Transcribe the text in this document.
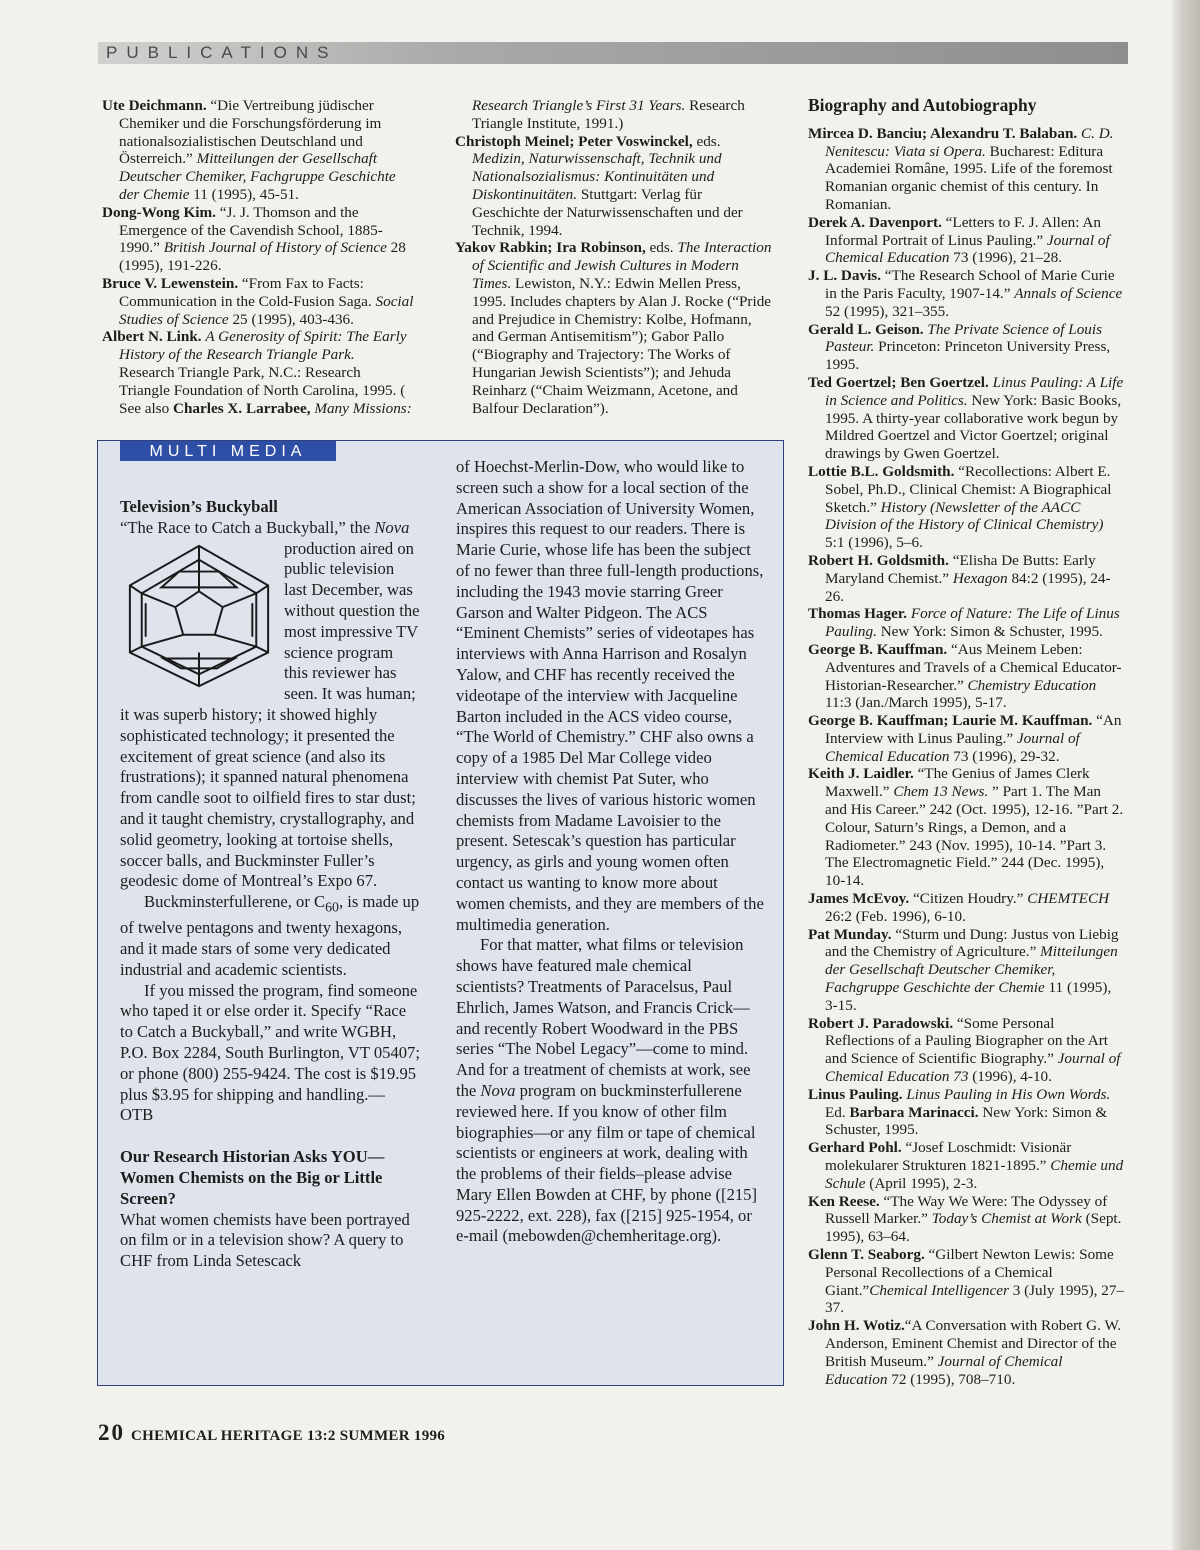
PUBLICATIONS

Ute Deichmann. “Die Vertreibung jüdischer Chemiker und die Forschungsförderung im nationalsozialistischen Deutschland und Österreich.” Mitteilungen der Gesellschaft Deutscher Chemiker, Fachgruppe Geschichte der Chemie 11 (1995), 45-51.

Dong-Wong Kim. “J. J. Thomson and the Emergence of the Cavendish School, 1885-1990.” British Journal of History of Science 28 (1995), 191-226.

Bruce V. Lewenstein. “From Fax to Facts: Communication in the Cold-Fusion Saga. Social Studies of Science 25 (1995), 403-436.

Albert N. Link. A Generosity of Spirit: The Early History of the Research Triangle Park. Research Triangle Park, N.C.: Research Triangle Foundation of North Carolina, 1995. ( See also Charles X. Larrabee, Many Missions:

Research Triangle’s First 31 Years. Research Triangle Institute, 1991.)

Christoph Meinel; Peter Voswinckel, eds. Medizin, Naturwissenschaft, Technik und Nationalsozialismus: Kontinuitäten und Diskontinuitäten. Stuttgart: Verlag für Geschichte der Naturwissenschaften und der Technik, 1994.

Yakov Rabkin; Ira Robinson, eds. The Interaction of Scientific and Jewish Cultures in Modern Times. Lewiston, N.Y.: Edwin Mellen Press, 1995. Includes chapters by Alan J. Rocke (“Pride and Prejudice in Chemistry: Kolbe, Hofmann, and German Antisemitism”); Gabor Pallo (“Biography and Trajectory: The Works of Hungarian Jewish Scientists”); and Jehuda Reinharz (“Chaim Weizmann, Acetone, and Balfour Declaration”).

Biography and Autobiography

Mircea D. Banciu; Alexandru T. Balaban. C. D. Nenitescu: Viata si Opera. Bucharest: Editura Academiei Române, 1995. Life of the foremost Romanian organic chemist of this century. In Romanian.

Derek A. Davenport. “Letters to F. J. Allen: An Informal Portrait of Linus Pauling.” Journal of Chemical Education 73 (1996), 21–28.

J. L. Davis. “The Research School of Marie Curie in the Paris Faculty, 1907-14.” Annals of Science 52 (1995), 321–355.

Gerald L. Geison. The Private Science of Louis Pasteur. Princeton: Princeton University Press, 1995.

Ted Goertzel; Ben Goertzel. Linus Pauling: A Life in Science and Politics. New York: Basic Books, 1995. A thirty-year collaborative work begun by Mildred Goertzel and Victor Goertzel; original drawings by Gwen Goertzel.

Lottie B.L. Goldsmith. “Recollections: Albert E. Sobel, Ph.D., Clinical Chemist: A Biographical Sketch.” History (Newsletter of the AACC Division of the History of Clinical Chemistry) 5:1 (1996), 5–6.

Robert H. Goldsmith. “Elisha De Butts: Early Maryland Chemist.” Hexagon 84:2 (1995), 24-26.

Thomas Hager. Force of Nature: The Life of Linus Pauling. New York: Simon & Schuster, 1995.

George B. Kauffman. “Aus Meinem Leben: Adventures and Travels of a Chemical Educator-Historian-Researcher.” Chemistry Education 11:3 (Jan./March 1995), 5-17.

George B. Kauffman; Laurie M. Kauffman. “An Interview with Linus Pauling.” Journal of Chemical Education 73 (1996), 29-32.

Keith J. Laidler. “The Genius of James Clerk Maxwell.” Chem 13 News. ” Part 1. The Man and His Career.” 242 (Oct. 1995), 12-16. ”Part 2. Colour, Saturn’s Rings, a Demon, and a Radiometer.” 243 (Nov. 1995), 10-14. ”Part 3. The Electromagnetic Field.” 244 (Dec. 1995), 10-14.

James McEvoy. “Citizen Houdry.” CHEMTECH 26:2 (Feb. 1996), 6-10.

Pat Munday. “Sturm und Dung: Justus von Liebig and the Chemistry of Agriculture.” Mitteilungen der Gesellschaft Deutscher Chemiker, Fachgruppe Geschichte der Chemie 11 (1995), 3-15.

Robert J. Paradowski. “Some Personal Reflections of a Pauling Biographer on the Art and Science of Scientific Biography.” Journal of Chemical Education 73 (1996), 4-10.

Linus Pauling. Linus Pauling in His Own Words. Ed. Barbara Marinacci. New York: Simon & Schuster, 1995.

Gerhard Pohl. “Josef Loschmidt: Visionär molekularer Strukturen 1821-1895.” Chemie und Schule (April 1995), 2-3.

Ken Reese. “The Way We Were: The Odyssey of Russell Marker.” Today’s Chemist at Work (Sept. 1995), 63–64.

Glenn T. Seaborg. “Gilbert Newton Lewis: Some Personal Recollections of a Chemical Giant.”Chemical Intelligencer 3 (July 1995), 27–37.

John H. Wotiz.“A Conversation with Robert G. W. Anderson, Eminent Chemist and Director of the British Museum.” Journal of Chemical Education 72 (1995), 708–710.

MULTI MEDIA
Television’s Buckyball

“The Race to Catch a Buckyball,” the Nova
production aired on public television last December, was without question the most impressive TV science program this reviewer has seen. It was human; it was superb history; it showed highly sophisticated technology; it presented the excitement of great science (and also its frustrations); it spanned natural phenomena from candle soot to oilfield fires to star dust; and it taught chemistry, crystallography, and solid geometry, looking at tortoise shells, soccer balls, and Buckminster Fuller’s geodesic dome of Montreal’s Expo 67.

Buckminsterfullerene, or $C_{60}$, is made up of twelve pentagons and twenty hexagons, and it made stars of some very dedicated industrial and academic scientists.

If you missed the program, find someone who taped it or else order it. Specify “Race to Catch a Buckyball,” and write WGBH, P.O. Box 2284, South Burlington, VT 05407; or phone (800) 255-9424. The cost is $19.95 plus $3.95 for shipping and handling.— OTB

Our Research Historian Asks YOU—Women Chemists on the Big or Little Screen?

What women chemists have been portrayed on film or in a television show? A query to CHF from Linda Setescack

of Hoechst-Merlin-Dow, who would like to screen such a show for a local section of the American Association of University Women, inspires this request to our readers. There is Marie Curie, whose life has been the subject of no fewer than three full-length productions, including the 1943 movie starring Greer Garson and Walter Pidgeon. The ACS “Eminent Chemists” series of videotapes has interviews with Anna Harrison and Rosalyn Yalow, and CHF has recently received the videotape of the interview with Jacqueline Barton included in the ACS video course, “The World of Chemistry.” CHF also owns a copy of a 1985 Del Mar College video interview with chemist Pat Suter, who discusses the lives of various historic women chemists from Madame Lavoisier to the present. Setescak’s question has particular urgency, as girls and young women often contact us wanting to know more about women chemists, and they are members of the multimedia generation.

For that matter, what films or television shows have featured male chemical scientists? Treatments of Paracelsus, Paul Ehrlich, James Watson, and Francis Crick—and recently Robert Woodward in the PBS series “The Nobel Legacy”—come to mind. And for a treatment of chemists at work, see the Nova program on buckminsterfullerene reviewed here. If you know of other film biographies—or any film or tape of chemical scientists or engineers at work, dealing with the problems of their fields–please advise Mary Ellen Bowden at CHF, by phone ([215] 925-2222, ext. 228), fax ([215] 925-1954, or e-mail (mebowden@chemheritage.org).

20 CHEMICAL HERITAGE 13:2 SUMMER 1996
